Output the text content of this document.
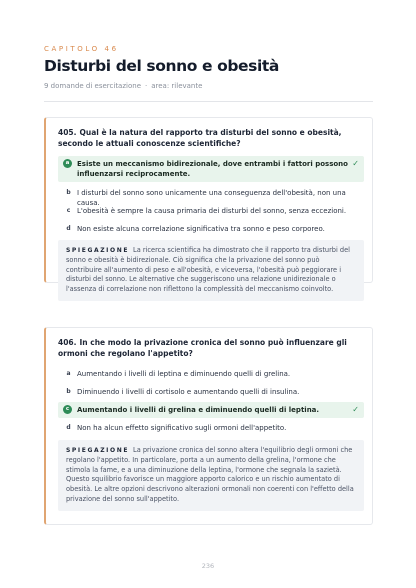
CAPITOLO 46
Disturbi del sonno e obesità
9 domande di esercitazione · area: rilevante
405. Qual è la natura del rapporto tra disturbi del sonno e obesità, secondo le attuali conoscenze scientifiche?
a	Esiste un meccanismo bidirezionale, dove entrambi i fattori possono influenzarsi reciprocamente.
✓
b I disturbi del sonno sono unicamente una conseguenza dell'obesità, non una causa.
c L'obesità è sempre la causa primaria dei disturbi del sonno, senza eccezioni.
d Non esiste alcuna correlazione significativa tra sonno e peso corporeo.
SPIEGAZIONE La ricerca scientifica ha dimostrato che il rapporto tra disturbi del sonno e obesità è bidirezionale. Ciò significa che la privazione del sonno può contribuire all'aumento di peso e all'obesità, e viceversa, l'obesità può peggiorare i disturbi del sonno. Le alternative che suggeriscono una relazione unidirezionale o l'assenza di correlazione non riflettono la complessità del meccanismo coinvolto.
406. In che modo la privazione cronica del sonno può influenzare gli ormoni che regolano l'appetito?
a Aumentando i livelli di leptina e diminuendo quelli di grelina.
b Diminuendo i livelli di cortisolo e aumentando quelli di insulina.
c	Aumentando i livelli di grelina e diminuendo quelli di leptina.	✓
d Non ha alcun effetto significativo sugli ormoni dell'appetito.
SPIEGAZIONE La privazione cronica del sonno altera l'equilibrio degli ormoni che regolano l'appetito. In particolare, porta a un aumento della grelina, l'ormone che stimola la fame, e a una diminuzione della leptina, l'ormone che segnala la sazietà. Questo squilibrio favorisce un maggiore apporto calorico e un rischio aumentato di obesità. Le altre opzioni descrivono alterazioni ormonali non coerenti con l'effetto della privazione del sonno sull'appetito.
236
